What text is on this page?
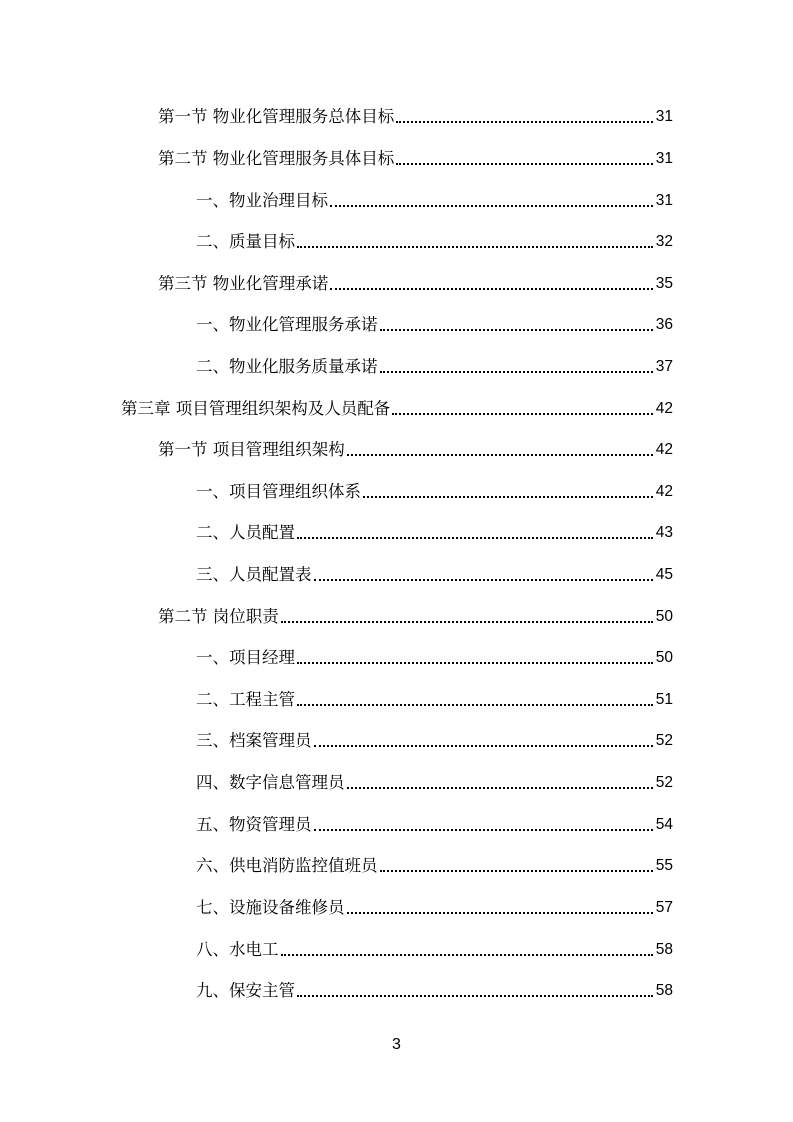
第一节 物业化管理服务总体目标	31
第二节 物业化管理服务具体目标	31
一、物业治理目标	31
二、质量目标	32
第三节 物业化管理承诺	35
一、物业化管理服务承诺	36
二、物业化服务质量承诺	37
第三章 项目管理组织架构及人员配备	42
第一节 项目管理组织架构	42
一、项目管理组织体系	42
二、人员配置	43
三、人员配置表	45
第二节 岗位职责	50
一、项目经理	50
二、工程主管	51
三、档案管理员	52
四、数字信息管理员	52
五、物资管理员	54
六、供电消防监控值班员	55
七、设施设备维修员	57
八、水电工	58
九、保安主管	58
3
